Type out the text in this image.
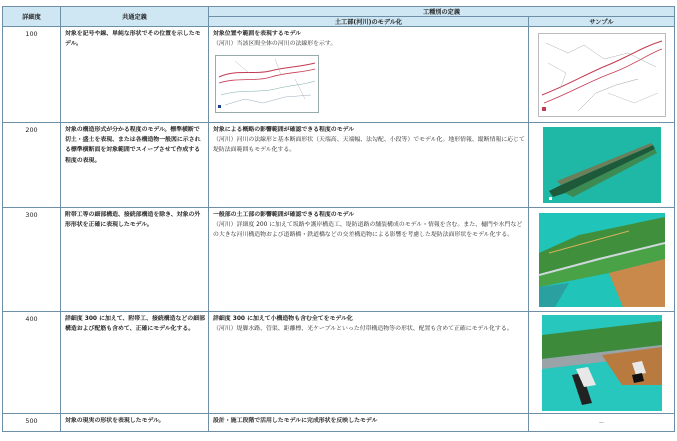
詳細度	共通定義	工種別の定義	
		土工部(河川)のモデル化	サンプル
100	対象を記号や線、単純な形状でその位置を示したモデル。	対象位置や範囲を表現するモデル
（河川）当該区間全体の河川の法線形を示す。

200	対象の構造形式が分かる程度のモデル。標準横断で切土・盛土を表現、または各構造物一般図に示される標準横断面を対象範囲でスイープさせて作成する程度の表現。	対象による概略の影響範囲が確認できる程度のモデル
（河川）河川の法線形と基本断面形状（天端高、天端幅、法勾配、小段等）でモデル化。地形情報、縦断情報に応じて堤防法面範囲もモデル化する。

300	附帯工等の細部構造、接続部構造を除き、対象の外形形状を正確に表現したモデル。	一般部の土工部の影響範囲が確認できる程度のモデル
（河川）詳細度 200 に加えて坂路や護岸構造工、堤防道路の舗装構成のモデル・情報を含む。また、樋門や水門などの大きな河川構造物および道路橋・鉄道橋などの交差構造物による影響を考慮した堤防法面形状をモデル化する。

400	詳細度 300 に加えて、附帯工、接続構造などの細部構造および配筋も含めて、正確にモデル化する。	詳細度 300 に加えて小構造物も含む全てをモデル化
（河川）堤脚水路、管渠、距離標、光ケーブルといった付帯構造物等の形状、配置も含めて正確にモデル化する。

500	対象の現実の形状を表現したモデル。	設計・施工段階で活用したモデルに完成形状を反映したモデル	－
